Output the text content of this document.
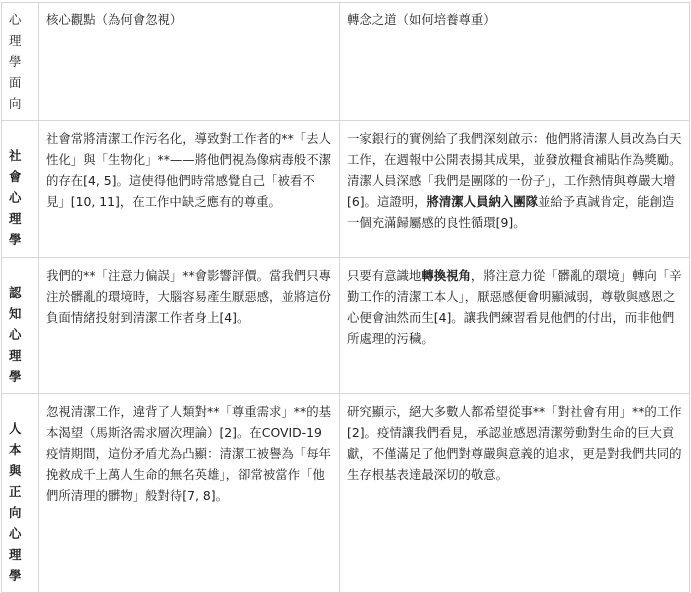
心理學面向	核心觀點（為何會忽視）	轉念之道（如何培養尊重）
社會心理學	社會常將清潔工作污名化，導致對工作者的**「去人性化」與「生物化」**——將他們視為像病毒般不潔的存在[4, 5]。這使得他們時常感覺自己「被看不見」[10, 11]，在工作中缺乏應有的尊重。	一家銀行的實例給了我們深刻啟示：他們將清潔人員改為白天工作，在週報中公開表揚其成果，並發放糧食補貼作為獎勵。清潔人員深感「我們是團隊的一份子」，工作熱情與尊嚴大增[6]。這證明，將清潔人員納入團隊並給予真誠肯定，能創造一個充滿歸屬感的良性循環[9]。
認知心理學	我們的**「注意力偏誤」**會影響評價。當我們只專注於髒亂的環境時，大腦容易產生厭惡感，並將這份負面情緒投射到清潔工作者身上[4]。	只要有意識地轉換視角，將注意力從「髒亂的環境」轉向「辛勤工作的清潔工本人」，厭惡感便會明顯減弱，尊敬與感恩之心便會油然而生[4]。讓我們練習看見他們的付出，而非他們所處理的污穢。
人本與正向心理學	忽視清潔工作，違背了人類對**「尊重需求」**的基本渴望（馬斯洛需求層次理論）[2]。在COVID-19疫情期間，這份矛盾尤為凸顯：清潔工被譽為「每年挽救成千上萬人生命的無名英雄」，卻常被當作「他們所清理的髒物」般對待[7, 8]。	研究顯示，絕大多數人都希望從事**「對社會有用」**的工作[2]。疫情讓我們看見，承認並感恩清潔勞動對生命的巨大貢獻，不僅滿足了他們對尊嚴與意義的追求，更是對我們共同的生存根基表達最深切的敬意。
